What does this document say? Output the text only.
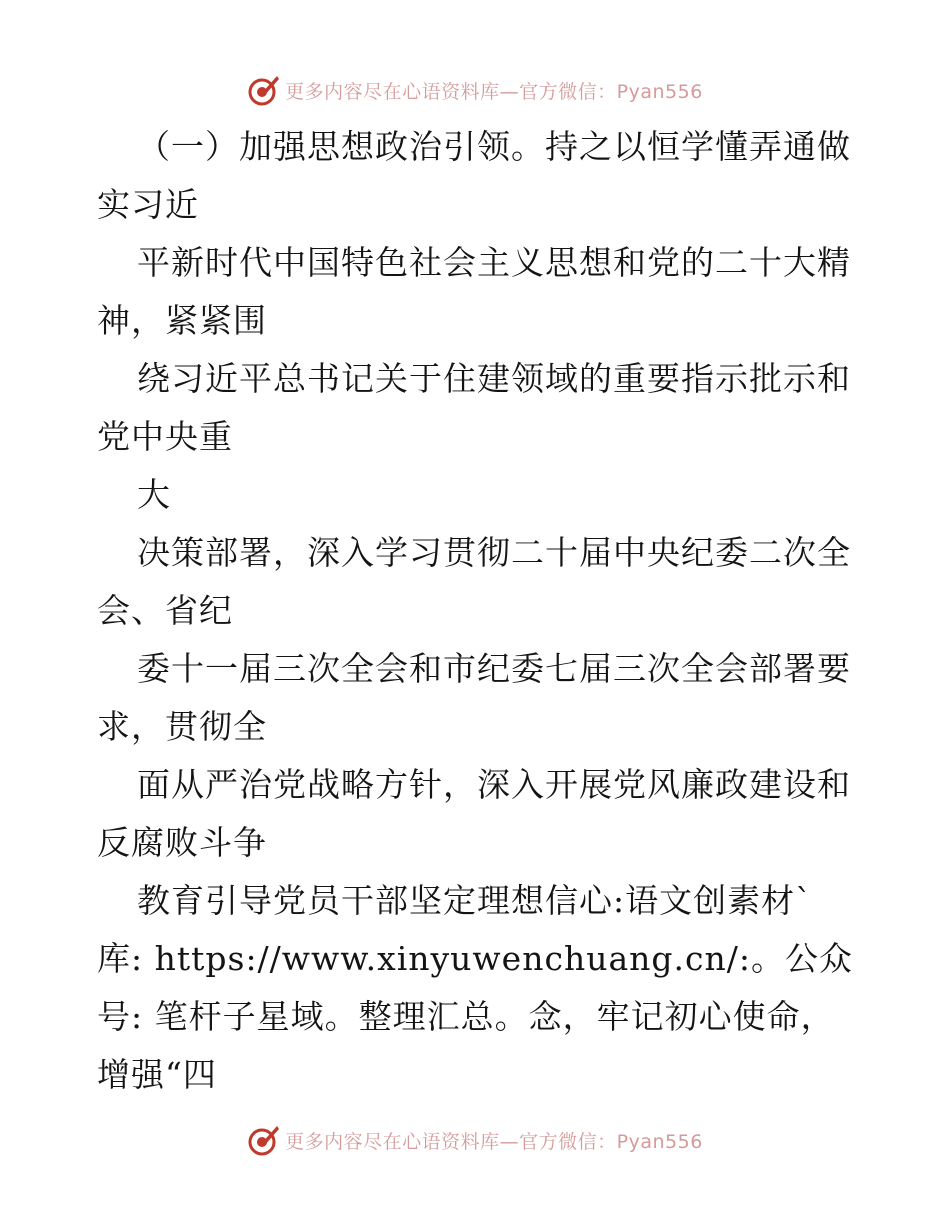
更多内容尽在心语资料库—官方微信：Pyan556
（一）加强思想政治引领。持之以恒学懂弄通做
实习近
平新时代中国特色社会主义思想和党的二十大精
神，紧紧围
绕习近平总书记关于住建领域的重要指示批示和
党中央重
大
决策部署，深入学习贯彻二十届中央纪委二次全
会、省纪
委十一届三次全会和市纪委七届三次全会部署要
求，贯彻全
面从严治党战略方针，深入开展党风廉政建设和
反腐败斗争
教育引导党员干部坚定理想信心:语文创素材`
库: https://www.xinyuwenchuang.cn/:。公众
号: 笔杆子星域。整理汇总。念，牢记初心使命，
增强“四
更多内容尽在心语资料库—官方微信：Pyan556
